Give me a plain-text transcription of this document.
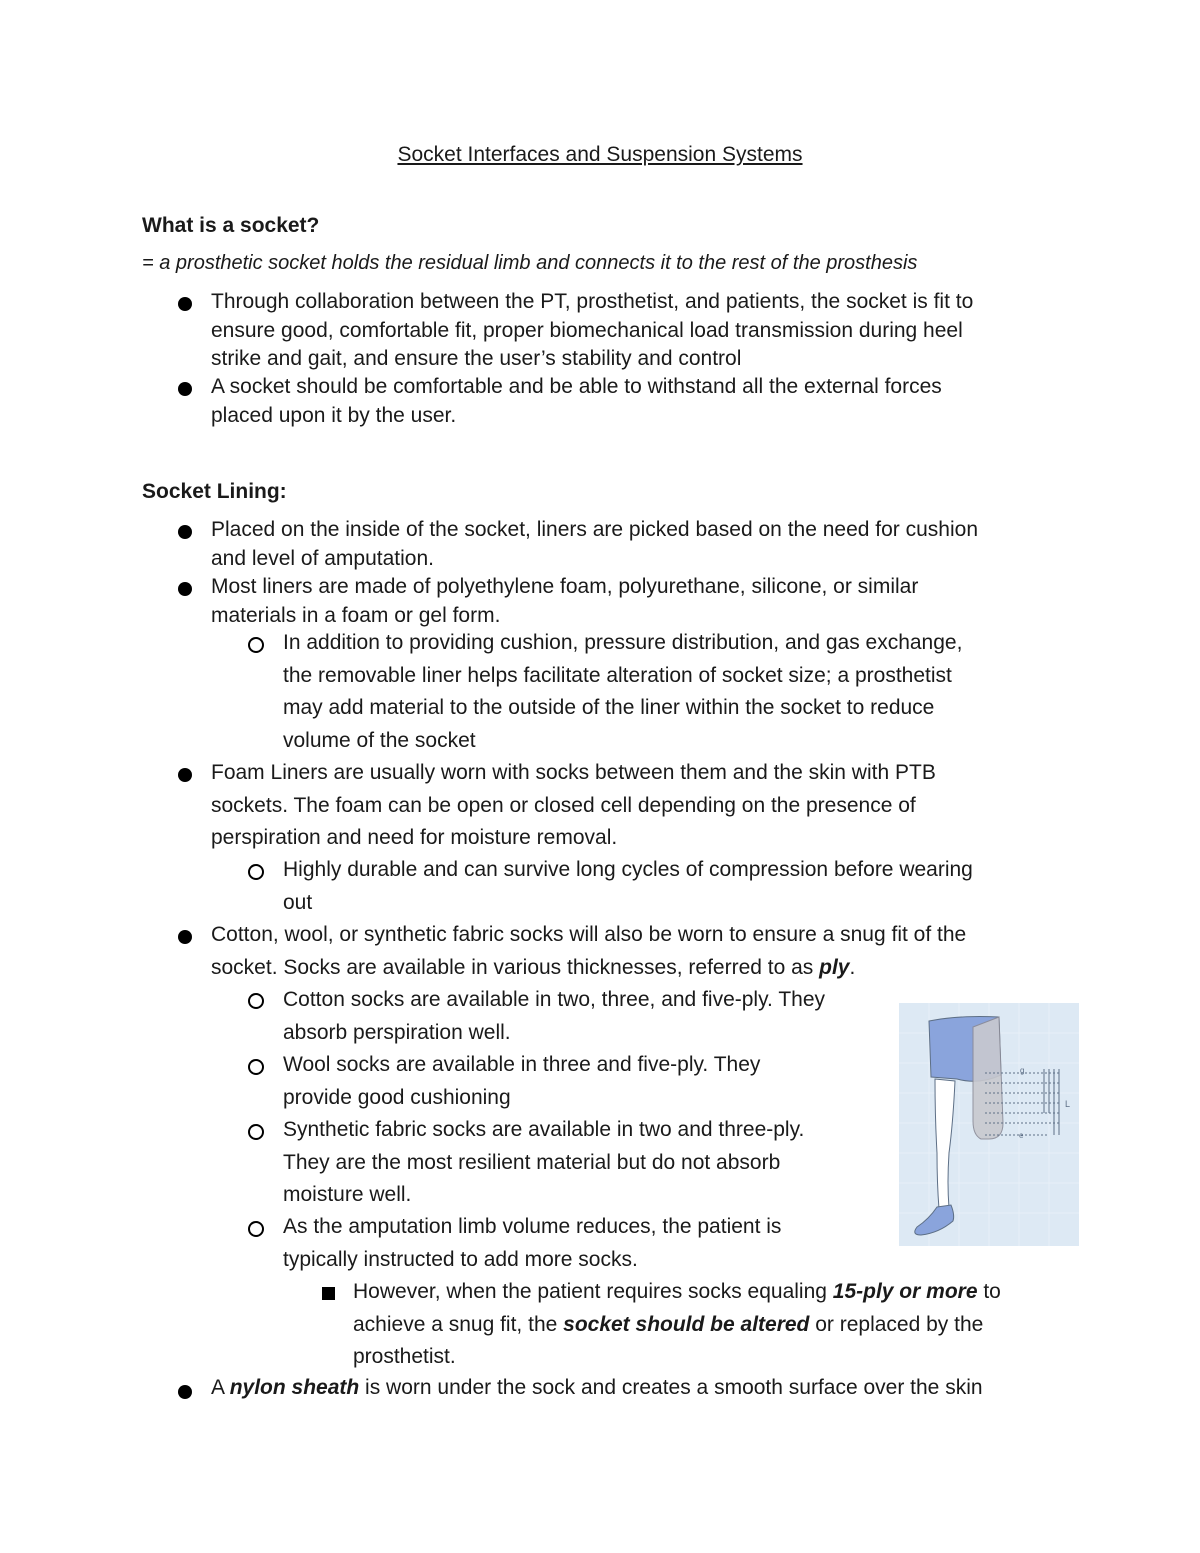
Socket Interfaces and Suspension Systems
What is a socket?
= a prosthetic socket holds the residual limb and connects it to the rest of the prosthesis
Through collaboration between the PT, prosthetist, and patients, the socket is fit to
ensure good, comfortable fit, proper biomechanical load transmission during heel
strike and gait, and ensure the user’s stability and control
A socket should be comfortable and be able to withstand all the external forces
placed upon it by the user.
Socket Lining:
Placed on the inside of the socket, liners are picked based on the need for cushion
and level of amputation.
Most liners are made of polyethylene foam, polyurethane, silicone, or similar
materials in a foam or gel form.
In addition to providing cushion, pressure distribution, and gas exchange,
the removable liner helps facilitate alteration of socket size; a prosthetist
may add material to the outside of the liner within the socket to reduce
volume of the socket
Foam Liners are usually worn with socks between them and the skin with PTB
sockets. The foam can be open or closed cell depending on the presence of
perspiration and need for moisture removal.
Highly durable and can survive long cycles of compression before wearing
out
Cotton, wool, or synthetic fabric socks will also be worn to ensure a snug fit of the
socket. Socks are available in various thicknesses, referred to as ply.
Cotton socks are available in two, three, and five-ply. They
absorb perspiration well.
Wool socks are available in three and five-ply. They
provide good cushioning
Synthetic fabric socks are available in two and three-ply.
They are the most resilient material but do not absorb
moisture well.
As the amputation limb volume reduces, the patient is
typically instructed to add more socks.
However, when the patient requires socks equaling 15-ply or more to
achieve a snug fit, the socket should be altered or replaced by the
prosthetist.
A nylon sheath is worn under the sock and creates a smooth surface over the skin
g
L
e
